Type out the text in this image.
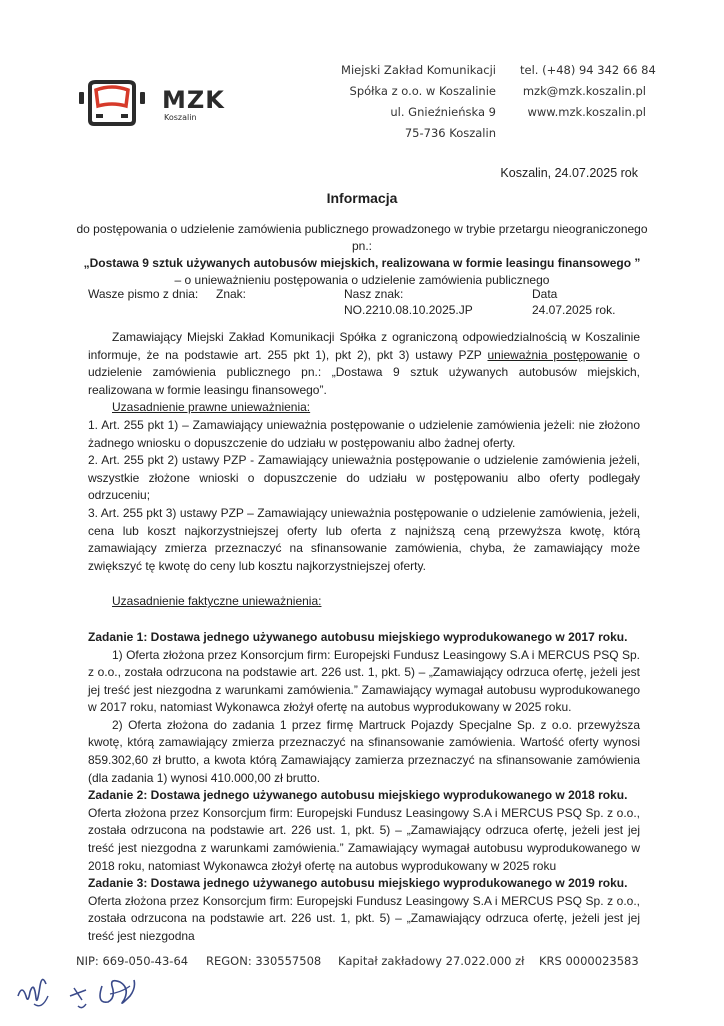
MZK
Koszalin
Miejski Zakład Komunikacji
Spółka z o.o. w Koszalinie
ul. Gnieźnieńska 9
75-736 Koszalin
tel. (+48) 94 342 66 84
mzk@mzk.koszalin.pl
www.mzk.koszalin.pl
Koszalin, 24.07.2025 rok
Informacja
do postępowania o udzielenie zamówienia publicznego prowadzonego w trybie przetargu nieograniczonego pn.:
„Dostawa 9 sztuk używanych autobusów miejskich, realizowana w formie leasingu finansowego ”
– o unieważnieniu postępowania o udzielenie zamówienia publicznego
Wasze pismo z dnia: Znak:	Nasz znak:
NO.2210.08.10.2025.JP
Data
24.07.2025 rok.

Zamawiający Miejski Zakład Komunikacji Spółka z ograniczoną odpowiedzialnością w Koszalinie informuje, że na podstawie art. 255 pkt 1), pkt 2), pkt 3) ustawy PZP unieważnia postępowanie o udzielenie zamówienia publicznego pn.: „Dostawa 9 sztuk używanych autobusów miejskich, realizowana w formie leasingu finansowego”.

Uzasadnienie prawne unieważnienia:

1. Art. 255 pkt 1) – Zamawiający unieważnia postępowanie o udzielenie zamówienia jeżeli: nie złożono żadnego wniosku o dopuszczenie do udziału w postępowaniu albo żadnej oferty.

2. Art. 255 pkt 2) ustawy PZP - Zamawiający unieważnia postępowanie o udzielenie zamówienia jeżeli, wszystkie złożone wnioski o dopuszczenie do udziału w postępowaniu albo oferty podlegały odrzuceniu;

3. Art. 255 pkt 3) ustawy PZP – Zamawiający unieważnia postępowanie o udzielenie zamówienia, jeżeli, cena lub koszt najkorzystniejszej oferty lub oferta z najniższą ceną przewyższa kwotę, którą zamawiający zmierza przeznaczyć na sfinansowanie zamówienia, chyba, że zamawiający może zwiększyć tę kwotę do ceny lub kosztu najkorzystniejszej oferty.

Uzasadnienie faktyczne unieważnienia:

Zadanie 1: Dostawa jednego używanego autobusu miejskiego wyprodukowanego w 2017 roku.

1) Oferta złożona przez Konsorcjum firm: Europejski Fundusz Leasingowy S.A i MERCUS PSQ Sp. z o.o., została odrzucona na podstawie art. 226 ust. 1, pkt. 5) – „Zamawiający odrzuca ofertę, jeżeli jest jej treść jest niezgodna z warunkami zamówienia.” Zamawiający wymagał autobusu wyprodukowanego w 2017 roku, natomiast Wykonawca złożył ofertę na autobus wyprodukowany w 2025 roku.

2) Oferta złożona do zadania 1 przez firmę Martruck Pojazdy Specjalne Sp. z o.o. przewyższa kwotę, którą zamawiający zmierza przeznaczyć na sfinansowanie zamówienia. Wartość oferty wynosi 859.302,60 zł brutto, a kwota którą Zamawiający zamierza przeznaczyć na sfinansowanie zamówienia (dla zadania 1) wynosi 410.000,00 zł brutto.

Zadanie 2: Dostawa jednego używanego autobusu miejskiego wyprodukowanego w 2018 roku.

Oferta złożona przez Konsorcjum firm: Europejski Fundusz Leasingowy S.A i MERCUS PSQ Sp. z o.o., została odrzucona na podstawie art. 226 ust. 1, pkt. 5) – „Zamawiający odrzuca ofertę, jeżeli jest jej treść jest niezgodna z warunkami zamówienia.” Zamawiający wymagał autobusu wyprodukowanego w 2018 roku, natomiast Wykonawca złożył ofertę na autobus wyprodukowany w 2025 roku

Zadanie 3: Dostawa jednego używanego autobusu miejskiego wyprodukowanego w 2019 roku.

Oferta złożona przez Konsorcjum firm: Europejski Fundusz Leasingowy S.A i MERCUS PSQ Sp. z o.o., została odrzucona na podstawie art. 226 ust. 1, pkt. 5) – „Zamawiający odrzuca ofertę, jeżeli jest jej treść jest niezgodna

NIP: 669-050-43-64 REGON: 330557508 Kapitał zakładowy 27.022.000 zł KRS 0000023583
